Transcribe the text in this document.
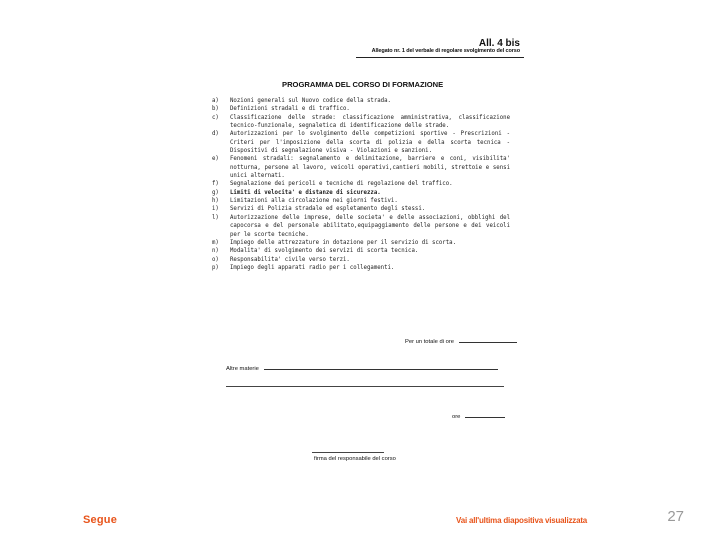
All. 4 bis
Allegato nr. 1 del verbale di regolare svolgimento del corso
PROGRAMMA DEL CORSO DI FORMAZIONE
a)	Nozioni generali sul Nuovo codice della strada.
b)	Definizioni stradali e di traffico.
c)	Classificazione delle strade: classificazione amministrativa, classificazione tecnico-funzionale, segnaletica di identificazione delle strade.
d)	Autorizzazioni per lo svolgimento delle competizioni sportive - Prescrizioni - Criteri per l'imposizione della scorta di polizia e della scorta tecnica - Dispositivi di segnalazione visiva - Violazioni e sanzioni.
e)	Fenomeni stradali: segnalamento e delimitazione, barriere e coni, visibilita' notturna, persone al lavoro, veicoli operativi,cantieri mobili, strettoie e sensi unici alternati.
f)	Segnalazione dei pericoli e tecniche di regolazione del traffico.
g)	Limiti di velocita' e distanze di sicurezza.
h)	Limitazioni alla circolazione nei giorni festivi.
i)	Servizi di Polizia stradale ed espletamento degli stessi.
l)	Autorizzazione delle imprese, delle societa' e delle associazioni, obblighi del capocorsa e del personale abilitato,equipaggiamento delle persone e dei veicoli per le scorte tecniche.
m)	Impiego delle attrezzature in dotazione per il servizio di scorta.
n)	Modalita' di svolgimento dei servizi di scorta tecnica.
o)	Responsabilita' civile verso terzi.
p)	Impiego degli apparati radio per i collegamenti.
Per un totale di ore
Altre materie
ore
firma del responsabile del corso
Segue	Vai all'ultima diapositiva visualizzata	27
